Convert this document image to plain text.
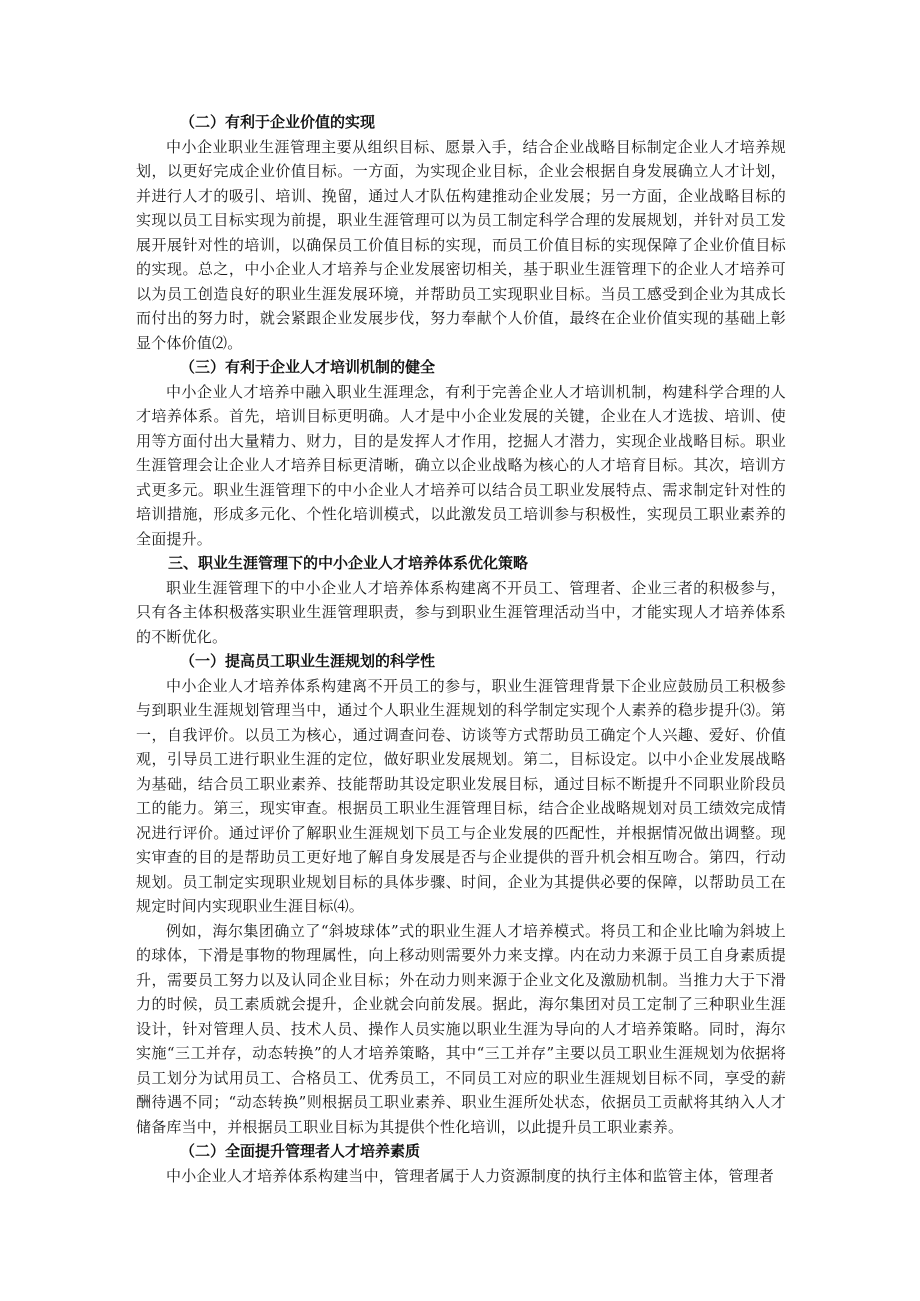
（二）有利于企业价值的实现

中小企业职业生涯管理主要从组织目标、愿景入手，结合企业战略目标制定企业人才培养规划，以更好完成企业价值目标。一方面，为实现企业目标，企业会根据自身发展确立人才计划，并进行人才的吸引、培训、挽留，通过人才队伍构建推动企业发展；另一方面，企业战略目标的实现以员工目标实现为前提，职业生涯管理可以为员工制定科学合理的发展规划，并针对员工发展开展针对性的培训，以确保员工价值目标的实现，而员工价值目标的实现保障了企业价值目标的实现。总之，中小企业人才培养与企业发展密切相关，基于职业生涯管理下的企业人才培养可以为员工创造良好的职业生涯发展环境，并帮助员工实现职业目标。当员工感受到企业为其成长而付出的努力时，就会紧跟企业发展步伐，努力奉献个人价值，最终在企业价值实现的基础上彰显个体价值⑵。

（三）有利于企业人才培训机制的健全

中小企业人才培养中融入职业生涯理念，有利于完善企业人才培训机制，构建科学合理的人才培养体系。首先，培训目标更明确。人才是中小企业发展的关键，企业在人才选拔、培训、使用等方面付出大量精力、财力，目的是发挥人才作用，挖掘人才潜力，实现企业战略目标。职业生涯管理会让企业人才培养目标更清晰，确立以企业战略为核心的人才培育目标。其次，培训方式更多元。职业生涯管理下的中小企业人才培养可以结合员工职业发展特点、需求制定针对性的培训措施，形成多元化、个性化培训模式，以此激发员工培训参与积极性，实现员工职业素养的全面提升。

三、职业生涯管理下的中小企业人才培养体系优化策略

职业生涯管理下的中小企业人才培养体系构建离不开员工、管理者、企业三者的积极参与，只有各主体积极落实职业生涯管理职责，参与到职业生涯管理活动当中，才能实现人才培养体系的不断优化。

（一）提高员工职业生涯规划的科学性

中小企业人才培养体系构建离不开员工的参与，职业生涯管理背景下企业应鼓励员工积极参与到职业生涯规划管理当中，通过个人职业生涯规划的科学制定实现个人素养的稳步提升⑶。第一，自我评价。以员工为核心，通过调查问卷、访谈等方式帮助员工确定个人兴趣、爱好、价值观，引导员工进行职业生涯的定位，做好职业发展规划。第二，目标设定。以中小企业发展战略为基础，结合员工职业素养、技能帮助其设定职业发展目标，通过目标不断提升不同职业阶段员工的能力。第三，现实审查。根据员工职业生涯管理目标，结合企业战略规划对员工绩效完成情况进行评价。通过评价了解职业生涯规划下员工与企业发展的匹配性，并根据情况做出调整。现实审查的目的是帮助员工更好地了解自身发展是否与企业提供的晋升机会相互吻合。第四，行动规划。员工制定实现职业规划目标的具体步骤、时间，企业为其提供必要的保障，以帮助员工在规定时间内实现职业生涯目标⑷。

例如，海尔集团确立了“斜坡球体”式的职业生涯人才培养模式。将员工和企业比喻为斜坡上的球体，下滑是事物的物理属性，向上移动则需要外力来支撑。内在动力来源于员工自身素质提升，需要员工努力以及认同企业目标；外在动力则来源于企业文化及激励机制。当推力大于下滑力的时候，员工素质就会提升，企业就会向前发展。据此，海尔集团对员工定制了三种职业生涯设计，针对管理人员、技术人员、操作人员实施以职业生涯为导向的人才培养策略。同时，海尔实施“三工并存，动态转换”的人才培养策略，其中“三工并存”主要以员工职业生涯规划为依据将员工划分为试用员工、合格员工、优秀员工，不同员工对应的职业生涯规划目标不同，享受的薪酬待遇不同；“动态转换”则根据员工职业素养、职业生涯所处状态，依据员工贡献将其纳入人才储备库当中，并根据员工职业目标为其提供个性化培训，以此提升员工职业素养。

（二）全面提升管理者人才培养素质

中小企业人才培养体系构建当中，管理者属于人力资源制度的执行主体和监管主体，管理者
